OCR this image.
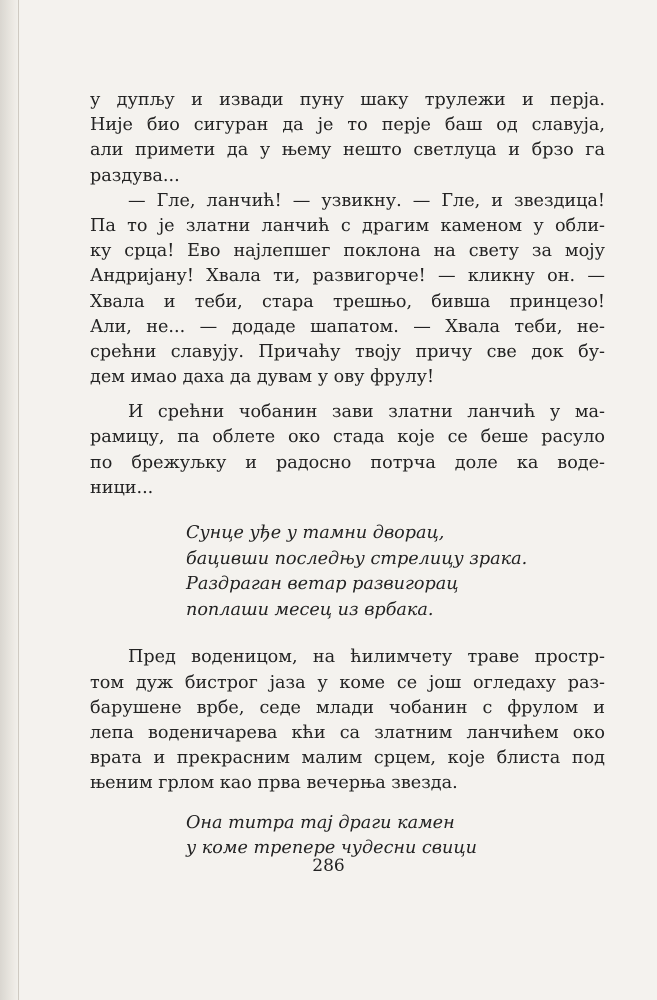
у дупљу и извади пуну шаку трулежи и перја.
Није био сигуран да је то перје баш од славуја,
али примети да у њему нешто светлуца и брзо га
раздува...
— Гле, ланчић! — узвикну. — Гле, и звездица!
Па то је златни ланчић с драгим каменом у обли-
ку срца! Ево најлепшег поклона на свету за моју
Андријану! Хвала ти, развигорче! — кликну он. —
Хвала и теби, стара трешњо, бивша принцезо!
Али, не... — додаде шапатом. — Хвала теби, не-
срећни славују. Причаћу твоју причу све док бу-
дем имао даха да дувам у ову фрулу!
И срећни чобанин зави златни ланчић у ма-
рамицу, па облете око стада које се беше расуло
по брежуљку и радосно потрча доле ка воде-
ници...
Сунце уђе у тамни дворац,
бацивши последњу стрелицу зрака.
Раздраган ветар развигорац
поплаши месец из врбака.
Пред воденицом, на ћилимчету траве простр-
том дуж бистрог јаза у коме се још огледаху раз-
барушене врбе, седе млади чобанин с фрулом и
лепа воденичарева кћи са златним ланчићем око
врата и прекрасним малим срцем, које блиста под
њеним грлом као прва вечерња звезда.
Она титра тај драги камен
у коме трепере чудесни свици
286
